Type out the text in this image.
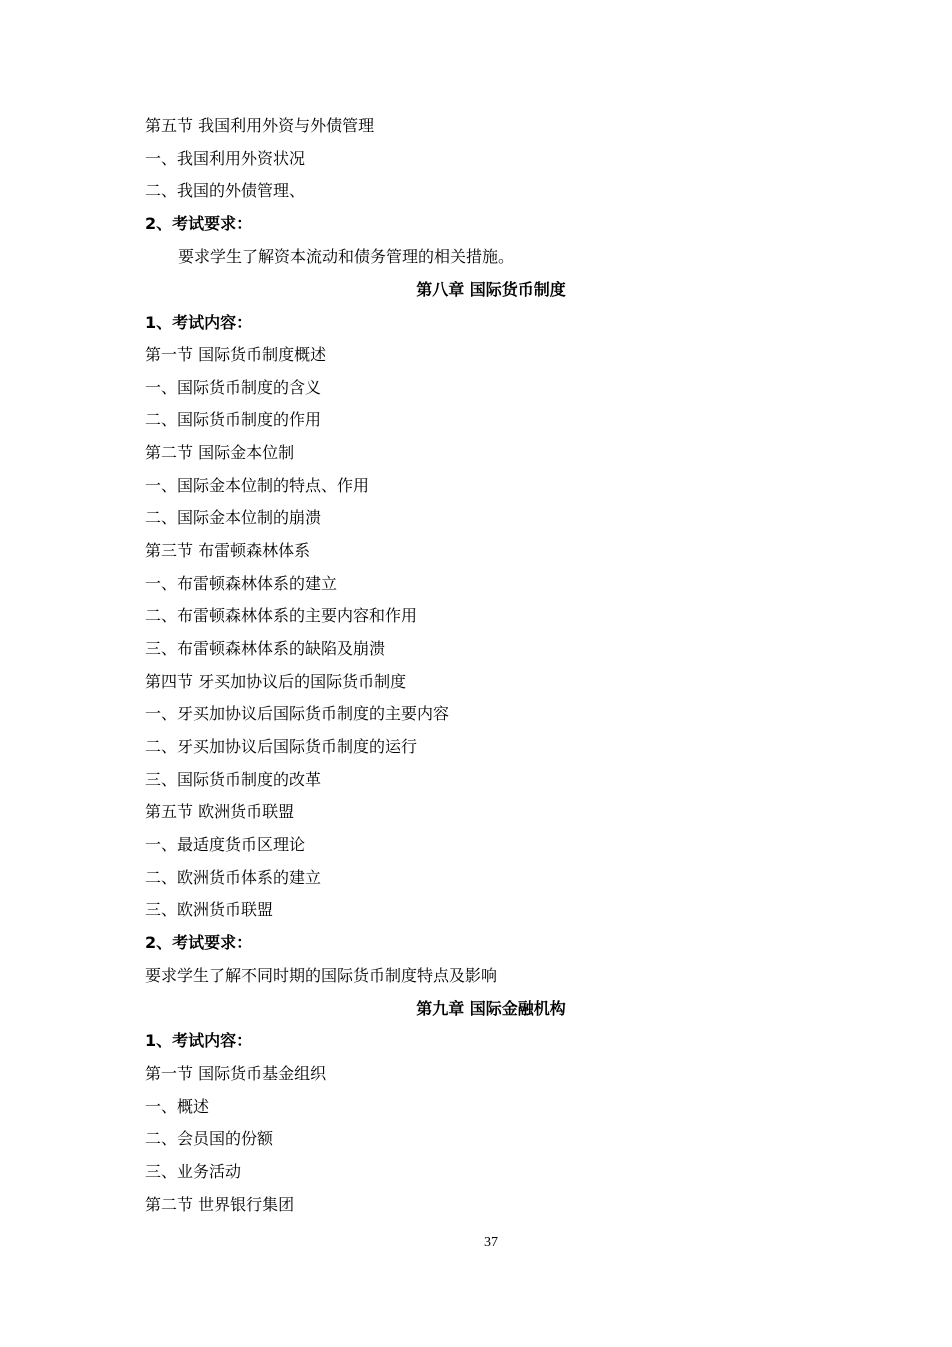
第五节 我国利用外资与外债管理
一、我国利用外资状况
二、我国的外债管理、
2、考试要求：
要求学生了解资本流动和债务管理的相关措施。
第八章 国际货币制度
1、考试内容：
第一节 国际货币制度概述
一、国际货币制度的含义
二、国际货币制度的作用
第二节 国际金本位制
一、国际金本位制的特点、作用
二、国际金本位制的崩溃
第三节 布雷顿森林体系
一、布雷顿森林体系的建立
二、布雷顿森林体系的主要内容和作用
三、布雷顿森林体系的缺陷及崩溃
第四节 牙买加协议后的国际货币制度
一、牙买加协议后国际货币制度的主要内容
二、牙买加协议后国际货币制度的运行
三、国际货币制度的改革
第五节 欧洲货币联盟
一、最适度货币区理论
二、欧洲货币体系的建立
三、欧洲货币联盟
2、考试要求：
要求学生了解不同时期的国际货币制度特点及影响
第九章 国际金融机构
1、考试内容：
第一节 国际货币基金组织
一、概述
二、会员国的份额
三、业务活动
第二节 世界银行集团
37
